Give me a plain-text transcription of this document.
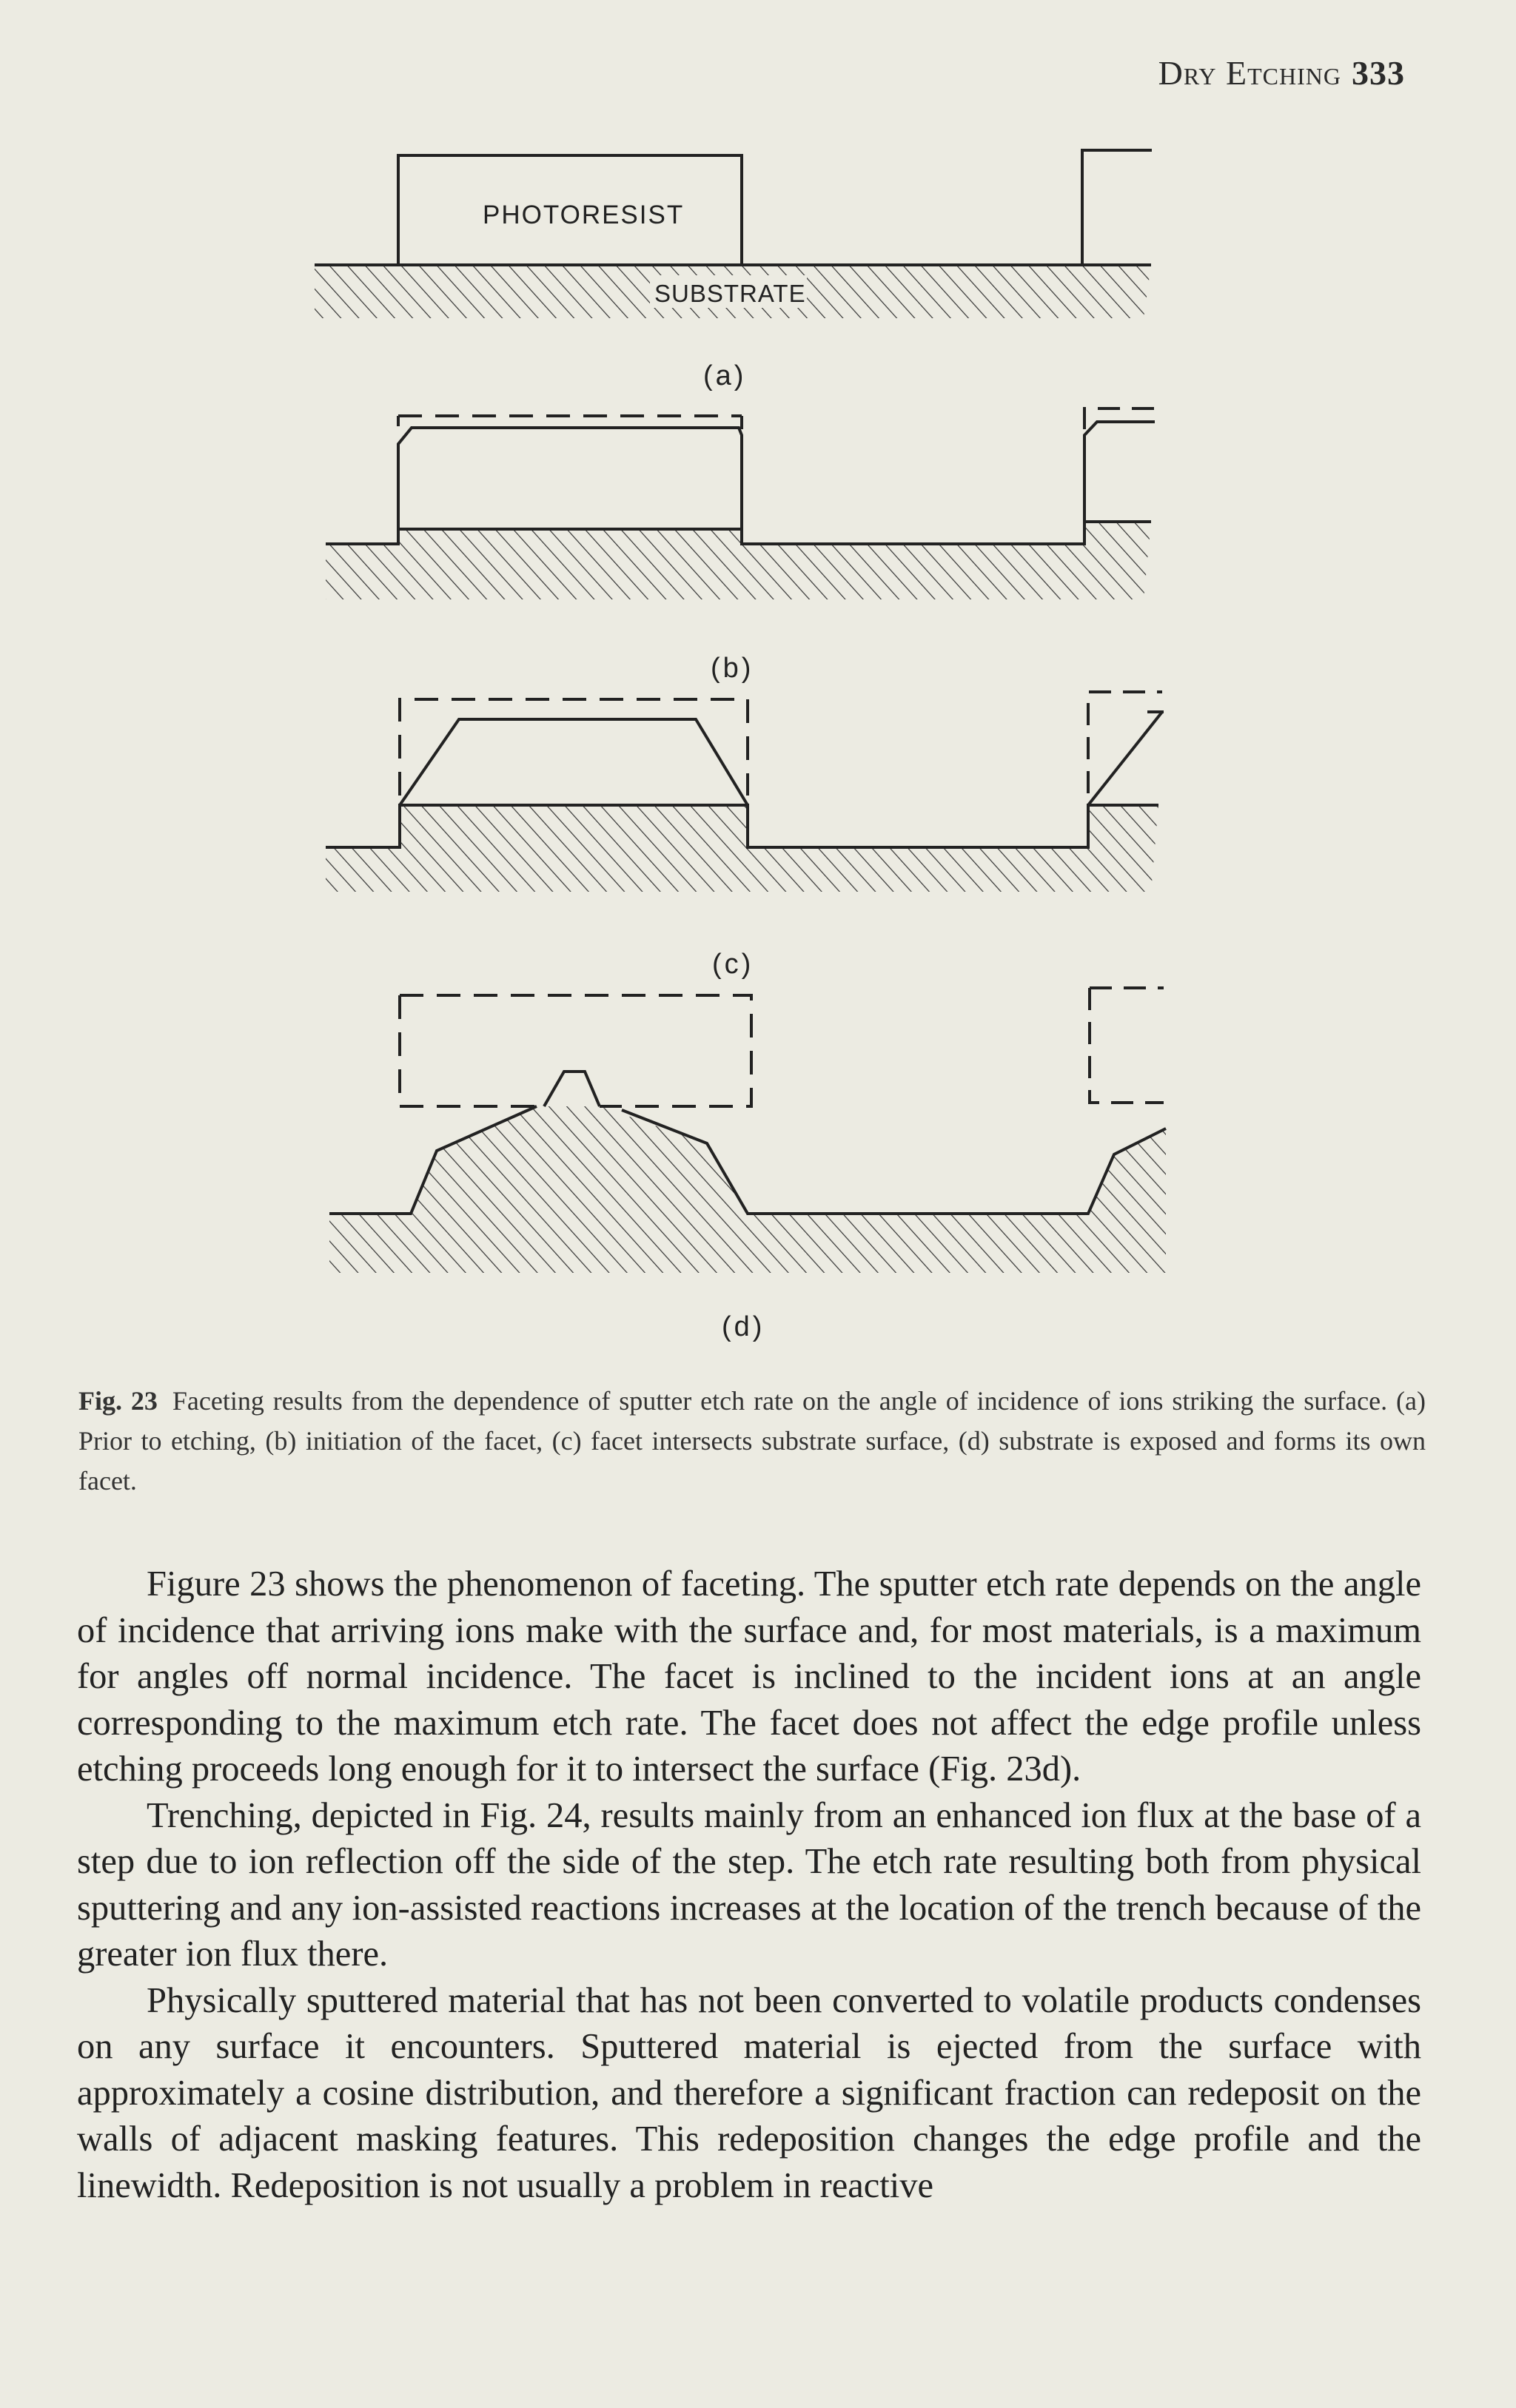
Dry Etching 333
PHOTORESIST
SUBSTRATE
(a)
(b)
(c)
(d)
Fig. 23 Faceting results from the dependence of sputter etch rate on the angle of incidence of ions striking the surface. (a) Prior to etching, (b) initiation of the facet, (c) facet intersects substrate surface, (d) substrate is exposed and forms its own facet.

Figure 23 shows the phenomenon of faceting. The sputter etch rate depends on the angle of incidence that arriving ions make with the surface and, for most materials, is a maximum for angles off normal incidence. The facet is inclined to the incident ions at an angle corresponding to the maximum etch rate. The facet does not affect the edge profile unless etching proceeds long enough for it to intersect the surface (Fig. 23d).

Trenching, depicted in Fig. 24, results mainly from an enhanced ion flux at the base of a step due to ion reflection off the side of the step. The etch rate resulting both from physical sputtering and any ion-assisted reactions increases at the location of the trench because of the greater ion flux there.

Physically sputtered material that has not been converted to volatile products condenses on any surface it encounters. Sputtered material is ejected from the surface with approximately a cosine distribution, and therefore a significant fraction can redeposit on the walls of adjacent masking features. This redeposition changes the edge profile and the linewidth. Redeposition is not usually a problem in reactive
